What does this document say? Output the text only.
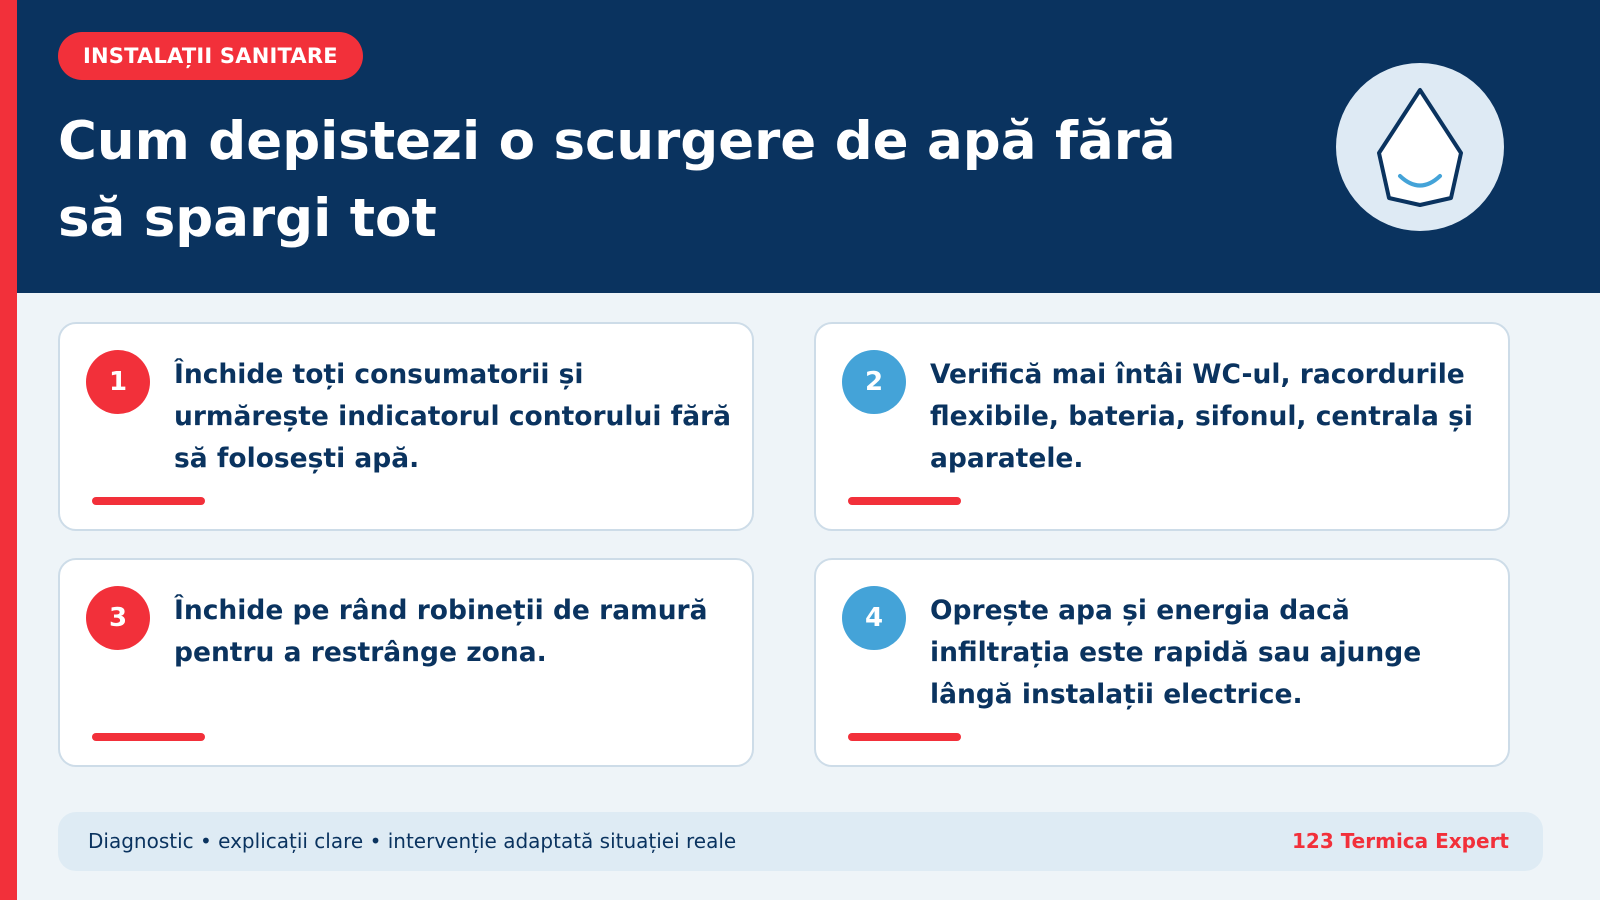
INSTALAȚII SANITARE
Cum depistezi o scurgere de apă fără să spargi tot
1	Închide toți consumatorii și urmărește indicatorul contorului fără să folosești apă.
2	Verifică mai întâi WC-ul, racordurile flexibile, bateria, sifonul, centrala și aparatele.
3	Închide pe rând robineții de ramură pentru a restrânge zona.
4	Oprește apa și energia dacă infiltrația este rapidă sau ajunge lângă instalații electrice.
Diagnostic • explicații clare • intervenție adaptată situației reale	123 Termica Expert
